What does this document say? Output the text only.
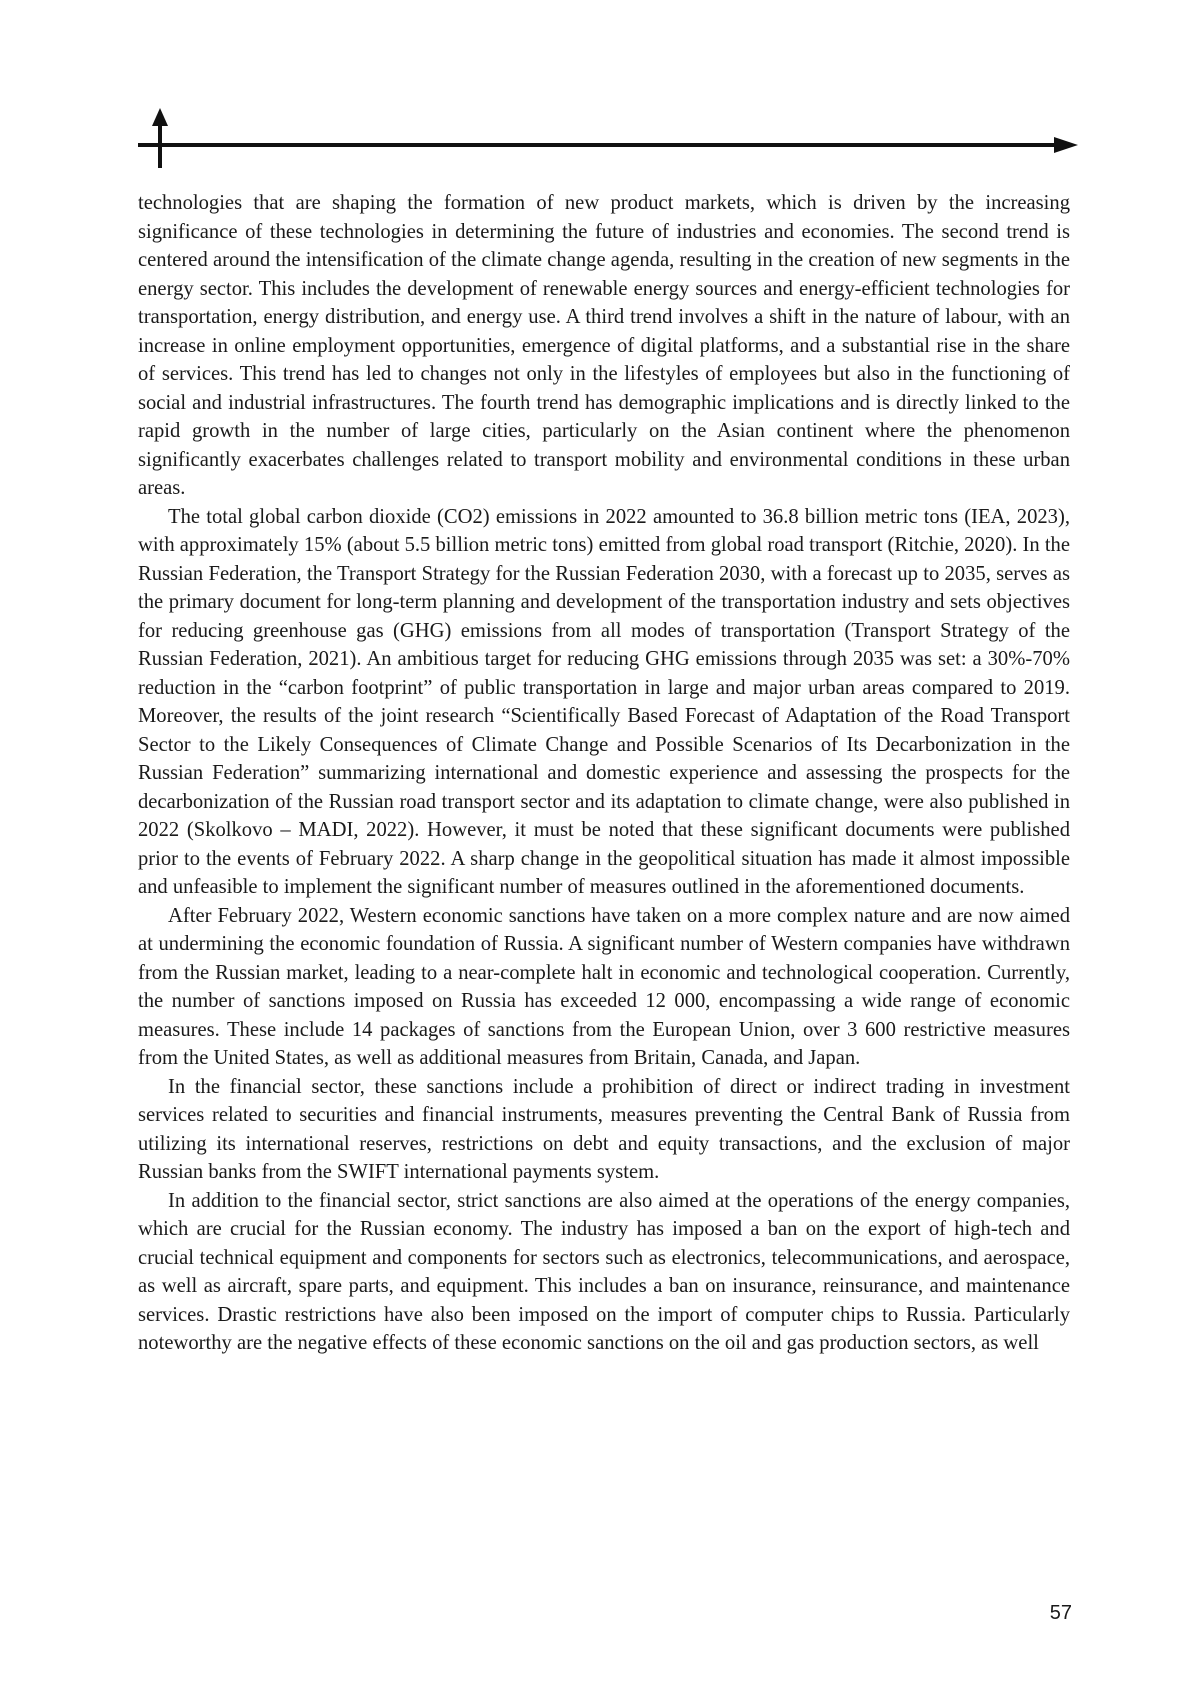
technologies that are shaping the formation of new product markets, which is driven by the increasing significance of these technologies in determining the future of industries and economies. The second trend is centered around the intensification of the climate change agenda, resulting in the creation of new segments in the energy sector. This includes the development of renewable energy sources and energy-efficient technologies for transportation, energy distribution, and energy use. A third trend involves a shift in the nature of labour, with an increase in online employment opportunities, emergence of digital platforms, and a substantial rise in the share of services. This trend has led to changes not only in the lifestyles of employees but also in the functioning of social and industrial infrastructures. The fourth trend has demographic implications and is directly linked to the rapid growth in the number of large cities, particularly on the Asian continent where the phenomenon significantly exacerbates challenges related to transport mobility and environmental conditions in these urban areas.

The total global carbon dioxide (CO2) emissions in 2022 amounted to 36.8 billion metric tons (IEA, 2023), with approximately 15% (about 5.5 billion metric tons) emitted from global road transport (Ritchie, 2020). In the Russian Federation, the Transport Strategy for the Russian Federation 2030, with a forecast up to 2035, serves as the primary document for long-term planning and development of the transportation industry and sets objectives for reducing greenhouse gas (GHG) emissions from all modes of transportation (Transport Strategy of the Russian Federation, 2021). An ambitious target for reducing GHG emissions through 2035 was set: a 30%-70% reduction in the “carbon footprint” of public transportation in large and major urban areas compared to 2019. Moreover, the results of the joint research “Scientifically Based Forecast of Adaptation of the Road Transport Sector to the Likely Consequences of Climate Change and Possible Scenarios of Its Decarbonization in the Russian Federation” summarizing international and domestic experience and assessing the prospects for the decarbonization of the Russian road transport sector and its adaptation to climate change, were also published in 2022 (Skolkovo – MADI, 2022). However, it must be noted that these significant documents were published prior to the events of February 2022. A sharp change in the geopolitical situation has made it almost impossible and unfeasible to implement the significant number of measures outlined in the aforementioned documents.

After February 2022, Western economic sanctions have taken on a more complex nature and are now aimed at undermining the economic foundation of Russia. A significant number of Western companies have withdrawn from the Russian market, leading to a near-complete halt in economic and technological cooperation. Currently, the number of sanctions imposed on Russia has exceeded 12 000, encompassing a wide range of economic measures. These include 14 packages of sanctions from the European Union, over 3 600 restrictive measures from the United States, as well as additional measures from Britain, Canada, and Japan.

In the financial sector, these sanctions include a prohibition of direct or indirect trading in investment services related to securities and financial instruments, measures preventing the Central Bank of Russia from utilizing its international reserves, restrictions on debt and equity transactions, and the exclusion of major Russian banks from the SWIFT international payments system.

In addition to the financial sector, strict sanctions are also aimed at the operations of the energy companies, which are crucial for the Russian economy. The industry has imposed a ban on the export of high-tech and crucial technical equipment and components for sectors such as electronics, telecommunications, and aerospace, as well as aircraft, spare parts, and equipment. This includes a ban on insurance, reinsurance, and maintenance services. Drastic restrictions have also been imposed on the import of computer chips to Russia. Particularly noteworthy are the negative effects of these economic sanctions on the oil and gas production sectors, as well

57
